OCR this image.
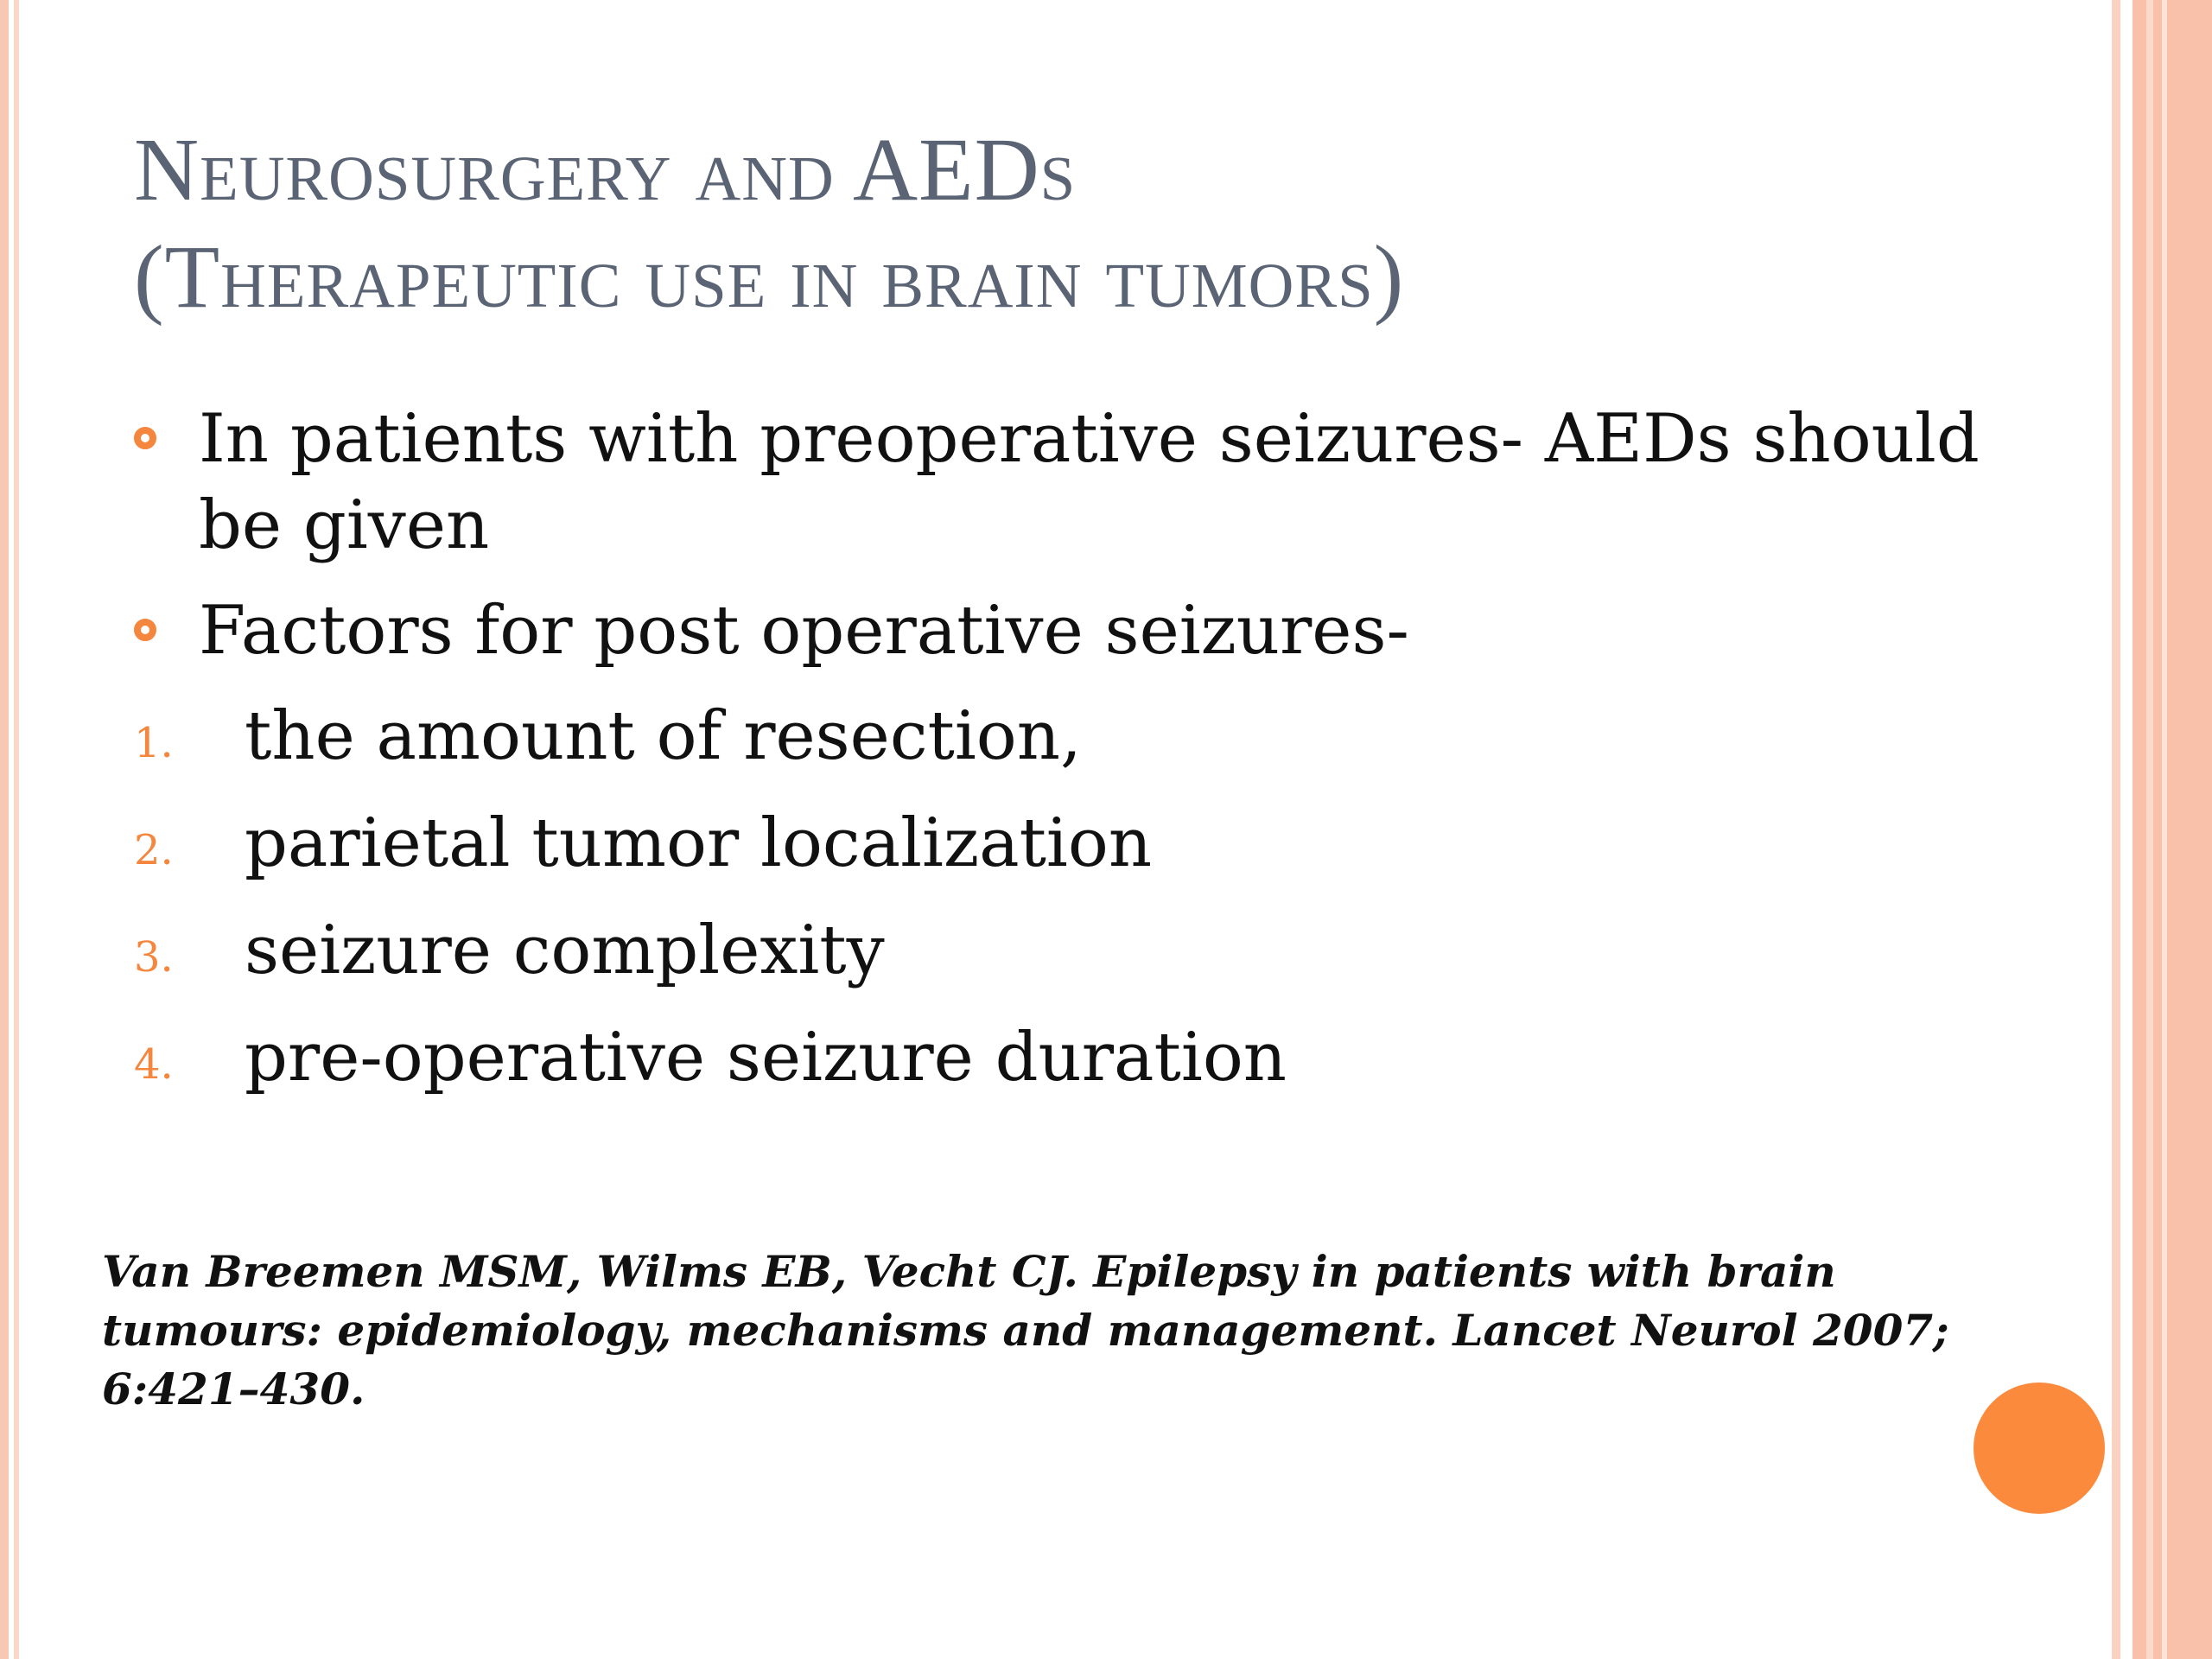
Neurosurgery and AEDs
(Therapeutic use in brain tumors)
In patients with preoperative seizures- AEDs should be given
Factors for post operative seizures-
1. the amount of resection,
2. parietal tumor localization
3. seizure complexity
4. pre-operative seizure duration
Van Breemen MSM, Wilms EB, Vecht CJ. Epilepsy in patients with brain tumours: epidemiology, mechanisms and management. Lancet Neurol 2007; 6:421–430.
